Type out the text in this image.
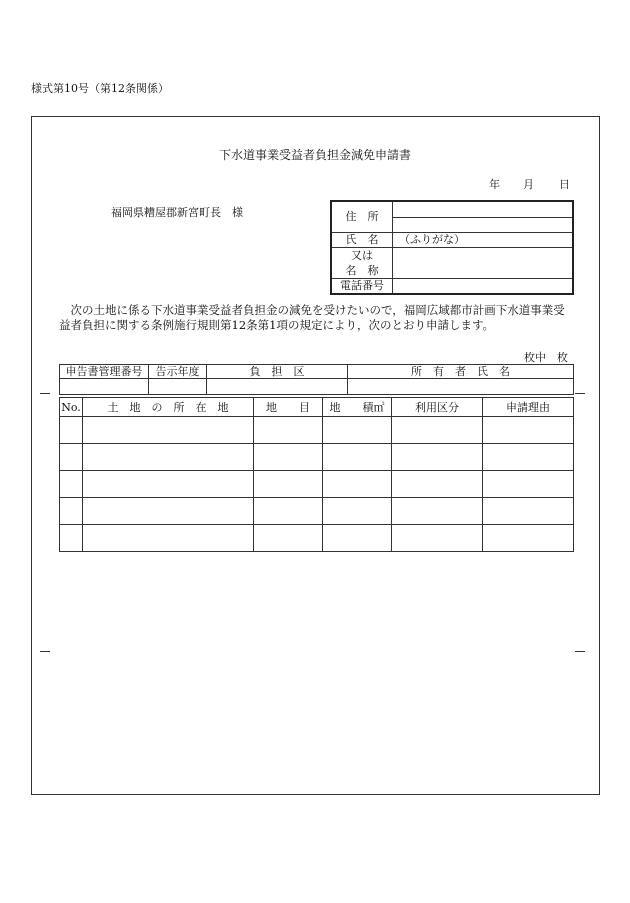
様式第10号（第12条関係）
下水道事業受益者負担金減免申請書
年 月 日
福岡県糟屋郡新宮町長　様	住　所	

氏　名	（ふりがな）

又は
名　称	

電話番号	
次の土地に係る下水道事業受益者負担金の減免を受けたいので，福岡広域都市計画下水道事業受
益者負担に関する条例施行規則第12条第1項の規定により，次のとおり申請します。
枚中　枚
申告書管理番号	告示年度	負　担　区	所　有　者　氏　名

No.	土　地　の　所　在　地	地　　目	地　　積㎡	利用区分	申請理由
